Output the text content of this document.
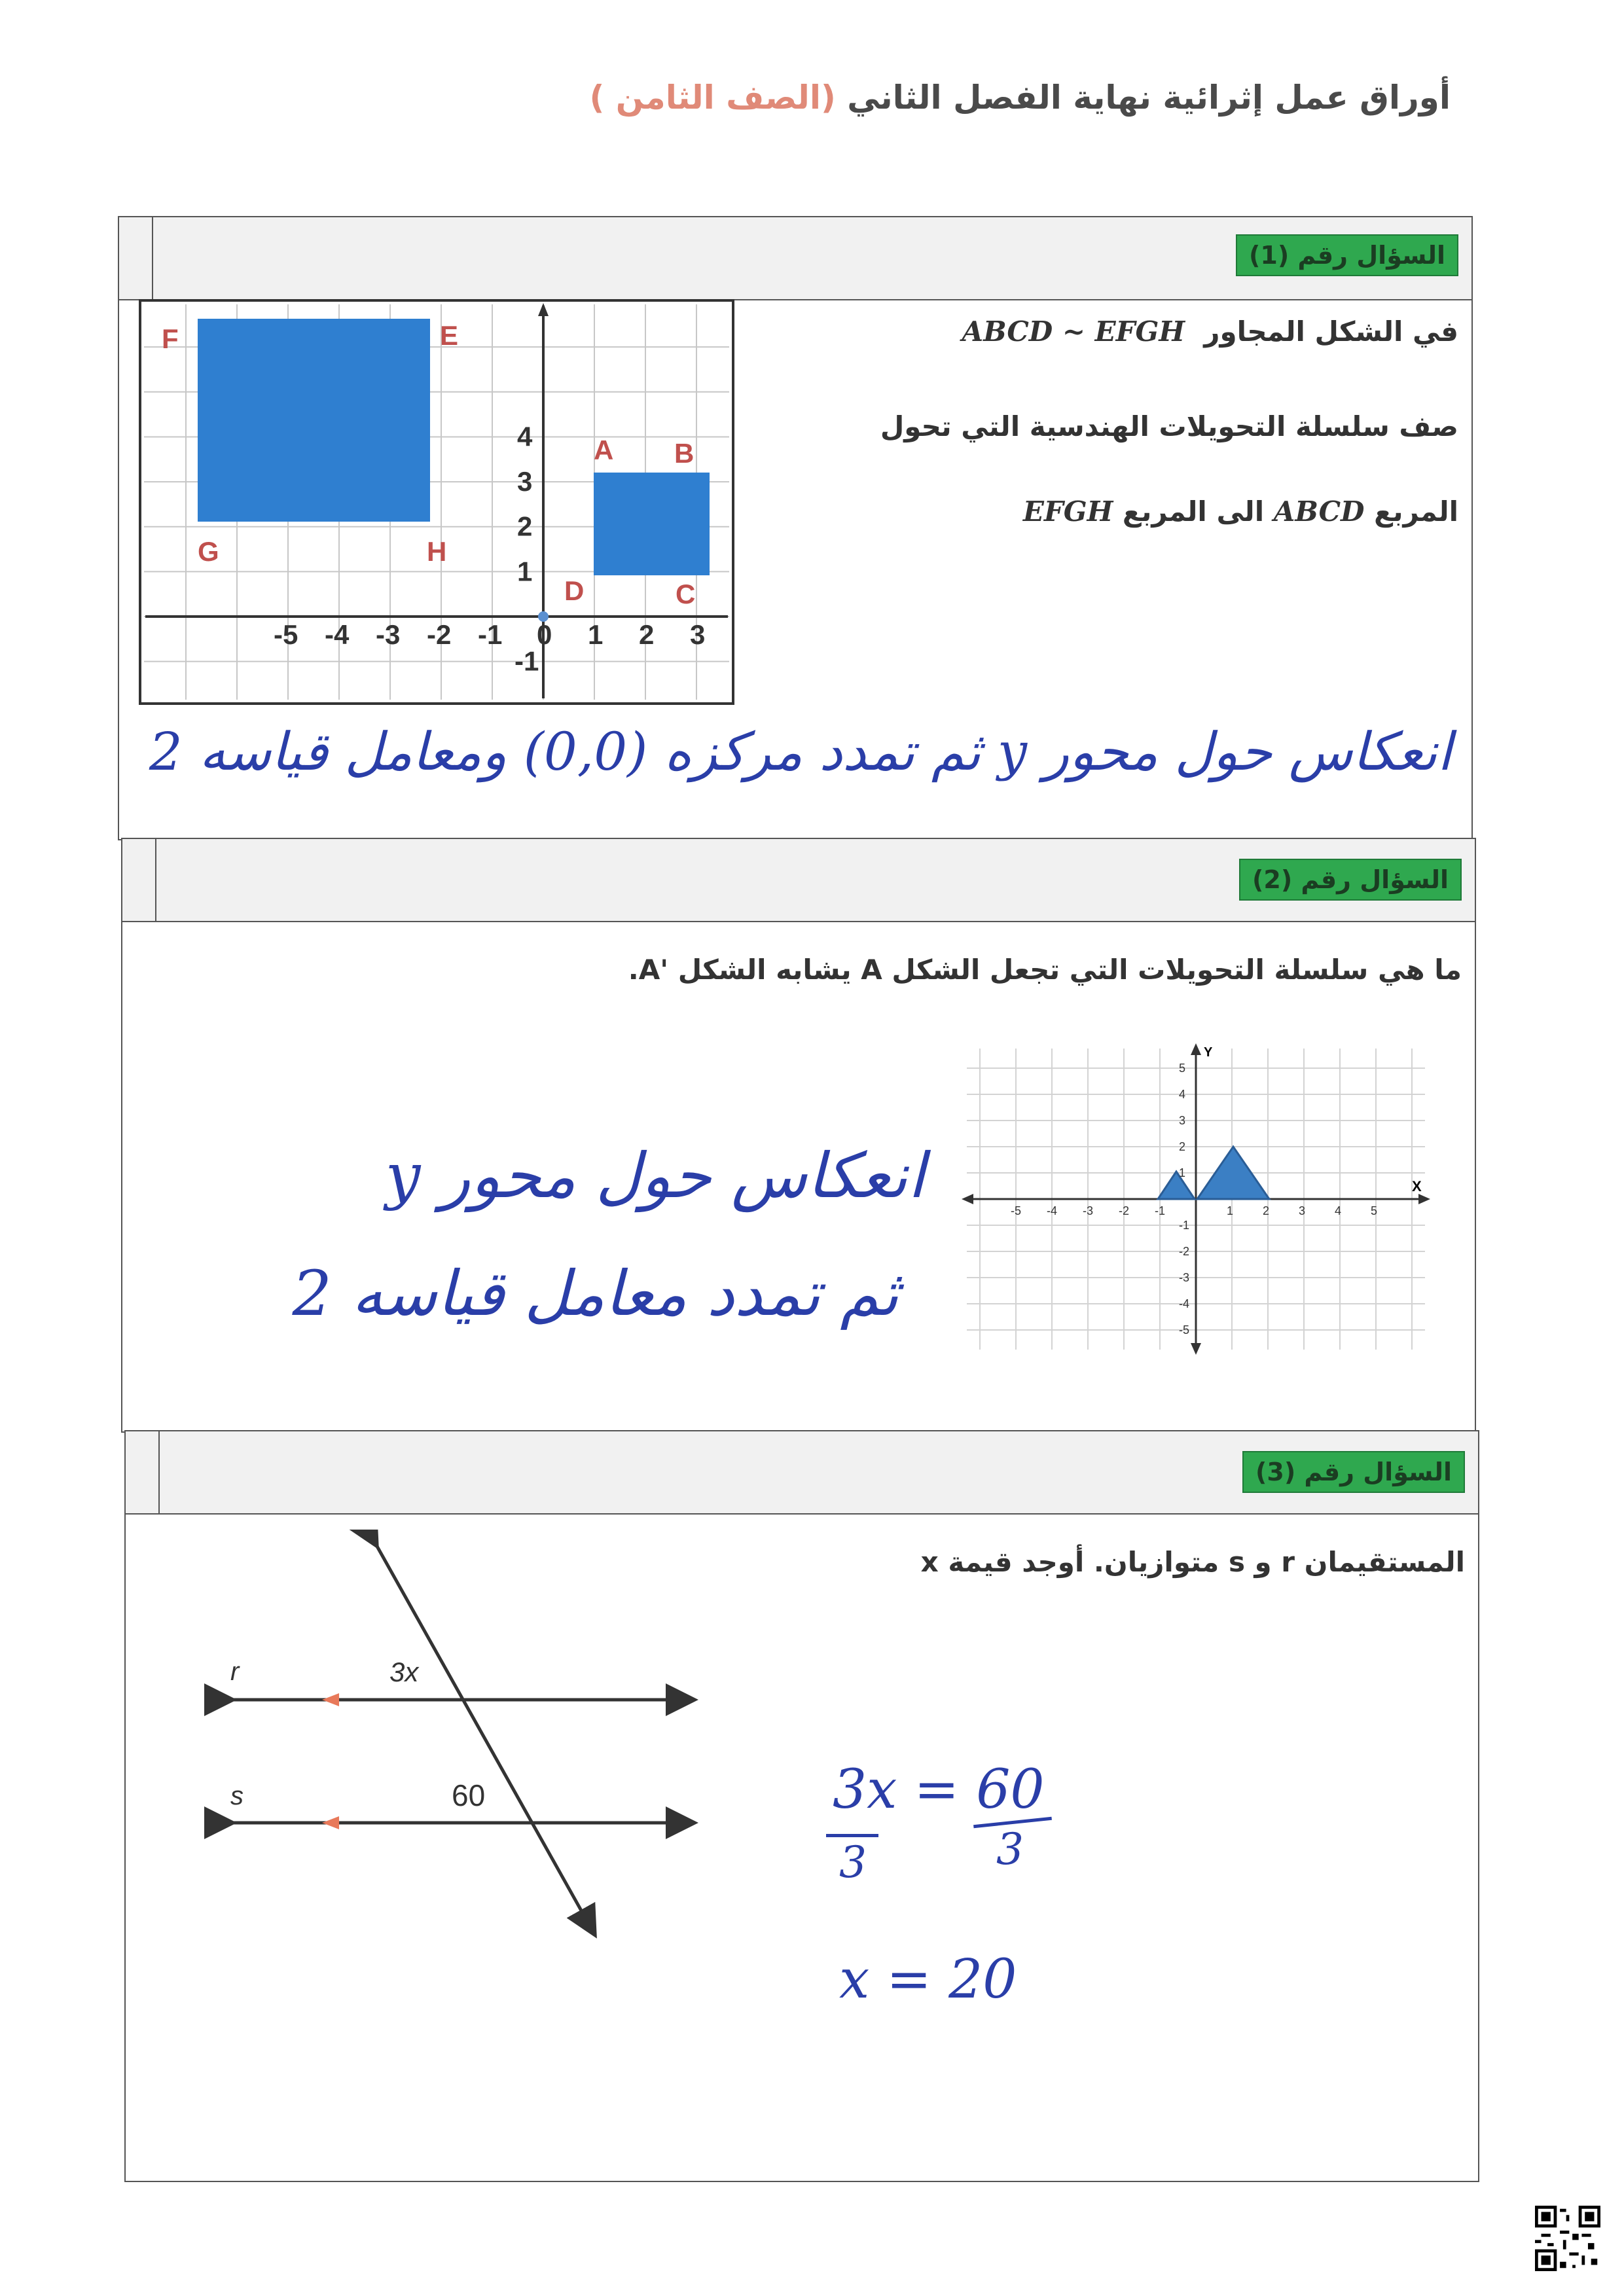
أوراق عمل إثرائية نهاية الفصل الثاني (الصف الثامن )
السؤال رقم (1)
في الشكل المجاور  ABCD ~ EFGH
صف سلسلة التحويلات الهندسية التي تحول
المربع ABCD الى المربع EFGH
-5 -4 -3 -2 -1 0 1 2 3
4
3
2
1
-1
F	E
G	H
A B
D	C
انعكاس حول محور y ثم تمدد مركزه (0,0) ومعامل قياسه 2
السؤال رقم (2)
ما هي سلسلة التحويلات التي تجعل الشكل A يشابه الشكل 'A.
انعكاس حول محور y
ثم تمدد معامل قياسه 2
-5 -4 -3 -2 -1	1 2 3 4 5
5
4
3
2
1
-1
-2
-3
-4
-5
X
Y
السؤال رقم (3)
المستقيمان r و s متوازيان. أوجد قيمة x
r
s
3x
60	3x = 60
3	3
x = 20
